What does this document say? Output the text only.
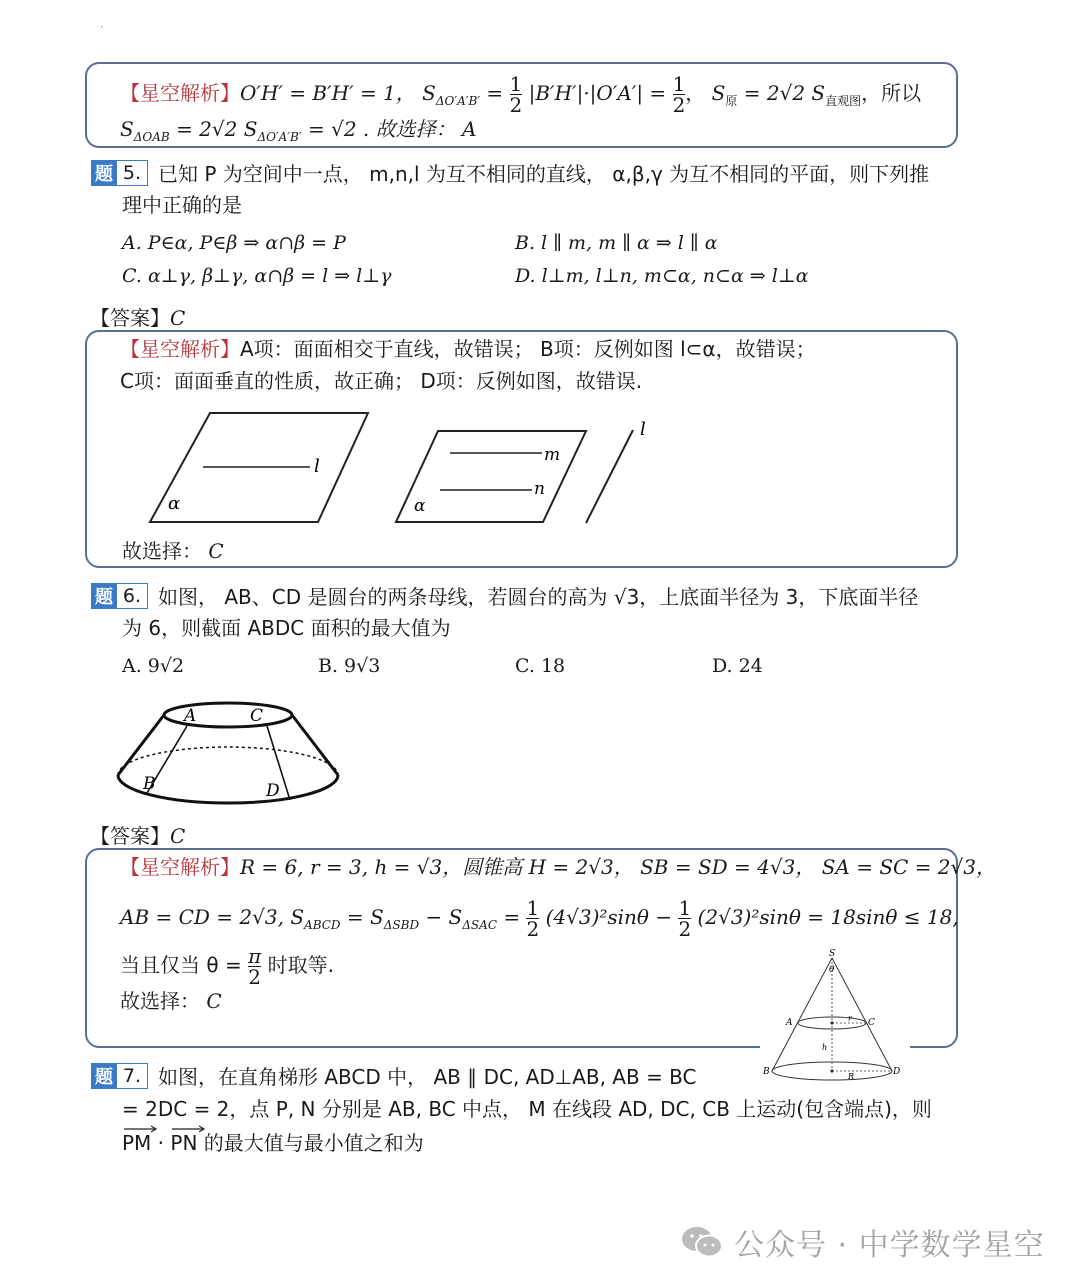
·
【星空解析】O′H′ = B′H′ = 1， $S_{\Delta O'A'B'} = \frac{1}{2} |B'H'|\cdot|O'A'| = \frac{1}{2}$ ， $S_原 = 2√2$ $S_{直观图}$，所以
$S_{\Delta OAB} = 2√2$ $S_{\Delta O'A'B'} = √2$ . 故选择： A
题 5. 已知 P 为空间中一点， m,n,l 为互不相同的直线， α,β,γ 为互不相同的平面，则下列推
理中正确的是
A. P∈α, P∈β ⇒ α∩β = P	B. l ∥ m, m ∥ α ⇒ l ∥ α
C. α⊥γ, β⊥γ, α∩β = l ⇒ l⊥γ	D. l⊥m, l⊥n, m⊂α, n⊂α ⇒ l⊥α
【答案】C
【星空解析】A项：面面相交于直线，故错误； B项：反例如图 l⊂α，故错误；
C项：面面垂直的性质，故正确； D项：反例如图，故错误.
l
α
m
n
α
l
故选择： C
题 6. 如图， AB、CD 是圆台的两条母线，若圆台的高为 √3，上底面半径为 3，下底面半径
为 6，则截面 ABDC 面积的最大值为
A. 9√2	B. 9√3	C. 18	D. 24
A	C
B	D
【答案】C
【星空解析】R = 6, r = 3, h = √3，圆锥高 H = 2√3， SB = SD = 4√3， SA = SC = 2√3，
AB = CD = 2√3, $S_{ABCD} = S_{\Delta SBD} - S_{\Delta SAC} = \frac{1}{2} (4√3)^2\sin\theta - \frac{1}{2} (2√3)^2\sin\theta = 18\sin\theta \le 18$,
当且仅当 $\theta = \frac{\pi}{2}$ 时取等.
故选择： C
S
θ
A	C
r
h
B	R	D
题 7. 如图，在直角梯形 ABCD 中， AB ∥ DC, AD⊥AB, AB = BC
= 2DC = 2，点 P, N 分别是 AB, BC 中点， M 在线段 AD, DC, CB 上运动(包含端点)，则
PM · PN 的最大值与最小值之和为
公众号 · 中学数学星空
